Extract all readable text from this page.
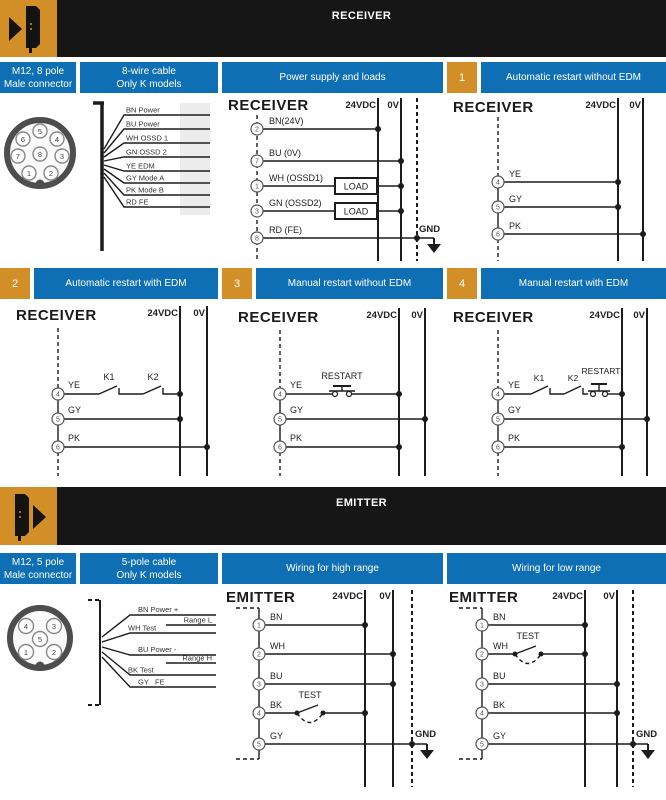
RECEIVER
M12, 8 pole
Male connector
8-wire cable
Only K models
Power supply and loads	1	Automatic restart without EDM
5
6	4
7	3
8
1 2
BN Power
BU Power
WH OSSD 1
GN OSSD 2
YE EDM
GY Mode A
PK Mode B
RD FE
RECEIVER	24VDC 0V
BN(24V)
2
BU (0V)
7
WH (OSSD1)
LOAD
1
GN (OSSD2)
LOAD
3
RD (FE)	GND
8
RECEIVER	24VDC 0V
YE
4
GY
5
PK
6
2	Automatic restart with EDM	3	Manual restart without EDM	4	Manual restart with EDM
RECEIVER	24VDC 0V
YE
K1	K2
4
GY
5
PK
6
RECEIVER	24VDC 0V
YE
RESTART
4
GY
5
PK
6
RECEIVER	24VDC 0V
YE
K1	K2
RESTART
4
GY
5
PK
6
EMITTER
M12, 5 pole
Male connector
5-pole cable
Only K models
Wiring for high range	Wiring for low range
4	3
5
1	2
BN Power +
Range L
WH Test
BU Power -
Range H
BK Test
GY   FE
EMITTER	24VDC 0V
BN
1
WH
2
BU
3
BK
TEST
4
GY	GND
5
EMITTER	24VDC 0V
BN
1
WH
TEST
2
BU
3
BK
4
GY	GND
5
